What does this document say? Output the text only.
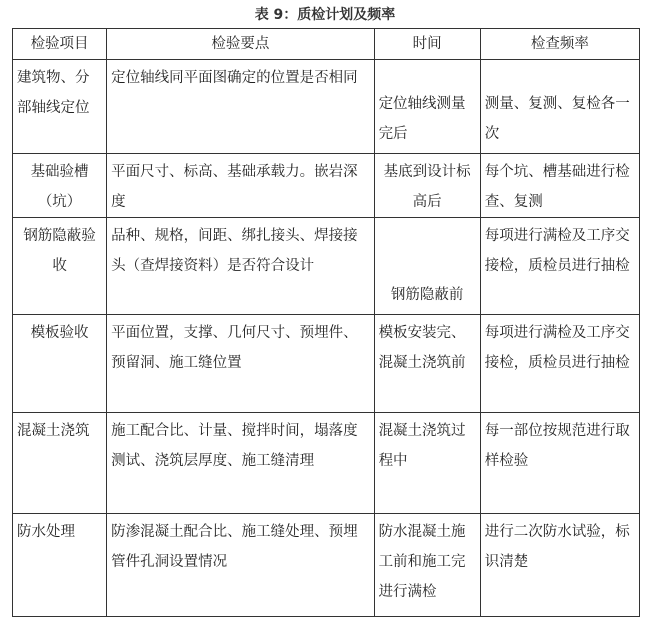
表 9：质检计划及频率
检验项目	检验要点	时间	检查频率

建筑物、分部轴线定位	定位轴线同平面图确定的位置是否相同	定位轴线测量完后	测量、复测、复检各一次

基础验槽（坑）	平面尺寸、标高、基础承载力。嵌岩深度	基底到设计标高后	每个坑、槽基础进行检查、复测

钢筋隐蔽验收	品种、规格，间距、绑扎接头、焊接接头（查焊接资料）是否符合设计	钢筋隐蔽前	每项进行满检及工序交接检，质检员进行抽检

模板验收	平面位置，支撑、几何尺寸、预埋件、预留洞、施工缝位置	模板安装完、混凝土浇筑前	每项进行满检及工序交接检，质检员进行抽检

混凝土浇筑	施工配合比、计量、搅拌时间，塌落度测试、浇筑层厚度、施工缝清理	混凝土浇筑过程中	每一部位按规范进行取样检验

防水处理	防渗混凝土配合比、施工缝处理、预埋管件孔洞设置情况	防水混凝土施工前和施工完进行满检	进行二次防水试验，标识清楚
